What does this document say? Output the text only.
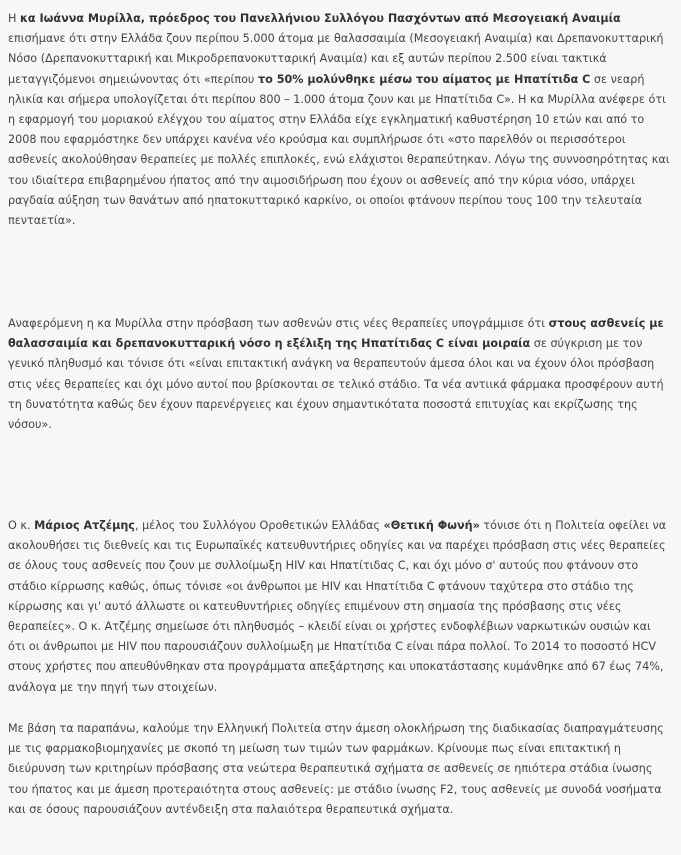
Η κα Ιωάννα Μυρίλλα, πρόεδρος του Πανελλήνιου Συλλόγου Πασχόντων από Μεσογειακή Αναιμία επισήμανε ότι στην Ελλάδα ζουν περίπου 5.000 άτομα με θαλασσαιμία (Μεσογειακή Αναιμία) και Δρεπανοκυτταρική Νόσο (Δρεπανοκυτταρική και Μικροδρεπανοκυτταρική Αναιμία) και εξ αυτών περίπου 2.500 είναι τακτικά μεταγγιζόμενοι σημειώνοντας ότι «περίπου το 50% μολύνθηκε μέσω του αίματος με Ηπατίτιδα C σε νεαρή ηλικία και σήμερα υπολογίζεται ότι περίπου 800 – 1.000 άτομα ζουν και με Ηπατίτιδα C». Η κα Μυρίλλα ανέφερε ότι η εφαρμογή του μοριακού ελέγχου του αίματος στην Ελλάδα είχε εγκληματική καθυστέρηση 10 ετών και από το 2008 που εφαρμόστηκε δεν υπάρχει κανένα νέο κρούσμα και συμπλήρωσε ότι «στο παρελθόν οι περισσότεροι ασθενείς ακολούθησαν θεραπείες με πολλές επιπλοκές, ενώ ελάχιστοι θεραπεύτηκαν. Λόγω της συννοσηρότητας και του ιδιαίτερα επιβαρημένου ήπατος από την αιμοσιδήρωση που έχουν οι ασθενείς από την κύρια νόσο, υπάρχει ραγδαία αύξηση των θανάτων από ηπατοκυτταρικό καρκίνο, οι οποίοι φτάνουν περίπου τους 100 την τελευταία πενταετία».

Αναφερόμενη η κα Μυρίλλα στην πρόσβαση των ασθενών στις νέες θεραπείες υπογράμμισε ότι στους ασθενείς με θαλασσαιμία και δρεπανοκυτταρική νόσο η εξέλιξη της Ηπατίτιδας C είναι μοιραία σε σύγκριση με τον γενικό πληθυσμό και τόνισε ότι «είναι επιτακτική ανάγκη να θεραπευτούν άμεσα όλοι και να έχουν όλοι πρόσβαση στις νέες θεραπείες και όχι μόνο αυτοί που βρίσκονται σε τελικό στάδιο. Τα νέα αντιικά φάρμακα προσφέρουν αυτή τη δυνατότητα καθώς δεν έχουν παρενέργειες και έχουν σημαντικότατα ποσοστά επιτυχίας και εκρίζωσης της νόσου».

Ο κ. Μάριος Ατζέμης, μέλος του Συλλόγου Οροθετικών Ελλάδας «Θετική Φωνή» τόνισε ότι η Πολιτεία οφείλει να ακολουθήσει τις διεθνείς και τις Ευρωπαϊκές κατευθυντήριες οδηγίες και να παρέχει πρόσβαση στις νέες θεραπείες σε όλους τους ασθενείς που ζουν με συλλοίμωξη HIV και Ηπατίτιδας C, και όχι μόνο σ' αυτούς που φτάνουν στο στάδιο κίρρωσης καθώς, όπως τόνισε «οι άνθρωποι με HIV και Ηπατίτιδα C φτάνουν ταχύτερα στο στάδιο της κίρρωσης και γι' αυτό άλλωστε οι κατευθυντήριες οδηγίες επιμένουν στη σημασία της πρόσβασης στις νέες θεραπείες». Ο κ. Ατζέμης σημείωσε ότι πληθυσμός – κλειδί είναι οι χρήστες ενδοφλέβιων ναρκωτικών ουσιών και ότι οι άνθρωποι με HIV που παρουσιάζουν συλλοίμωξη με Ηπατίτιδα C είναι πάρα πολλοί. Το 2014 το ποσοστό HCV στους χρήστες που απευθύνθηκαν στα προγράμματα απεξάρτησης και υποκατάστασης κυμάνθηκε από 67 έως 74%, ανάλογα με την πηγή των στοιχείων.

Με βάση τα παραπάνω, καλούμε την Ελληνική Πολιτεία στην άμεση ολοκλήρωση της διαδικασίας διαπραγμάτευσης με τις φαρμακοβιομηχανίες με σκοπό τη μείωση των τιμών των φαρμάκων. Κρίνουμε πως είναι επιτακτική η διεύρυνση των κριτηρίων πρόσβασης στα νεώτερα θεραπευτικά σχήματα σε ασθενείς σε ηπιότερα στάδια ίνωσης του ήπατος και με άμεση προτεραιότητα στους ασθενείς: με στάδιο ίνωσης F2, τους ασθενείς με συνοδά νοσήματα και σε όσους παρουσιάζουν αντένδειξη στα παλαιότερα θεραπευτικά σχήματα.
